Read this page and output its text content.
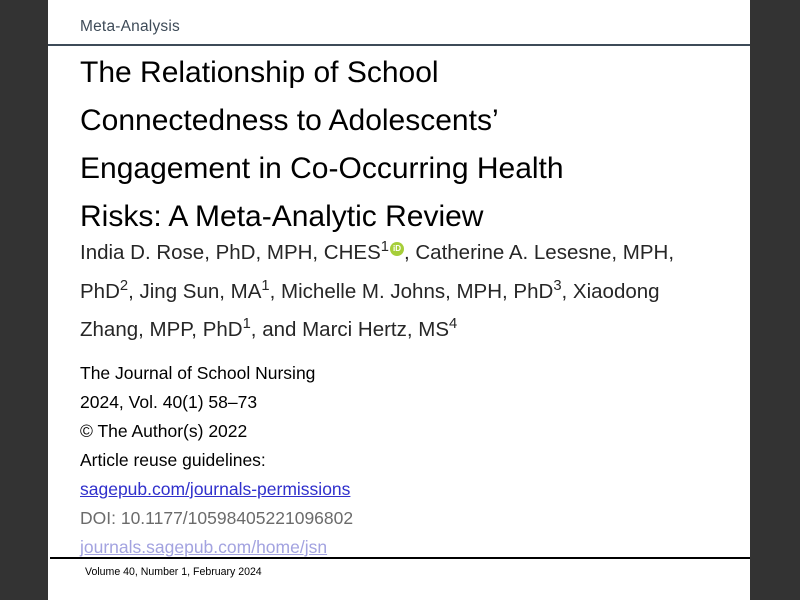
Meta-Analysis
The Relationship of School
Connectedness to Adolescents’
Engagement in Co-Occurring Health
Risks: A Meta-Analytic Review
India D. Rose, PhD, MPH, CHES$^1$ iD , Catherine A. Lesesne, MPH, PhD$^2$, Jing Sun, $MA^1$, Michelle M. Johns, MPH, PhD$^3$, Xiaodong Zhang, MPP, PhD$^1$, and Marci Hertz, $MS^4$
The Journal of School Nursing
2024, Vol. 40(1) 58–73
© The Author(s) 2022
Article reuse guidelines:
sagepub.com/journals-permissions
DOI: 10.1177/10598405221096802
journals.sagepub.com/home/jsn
Volume 40, Number 1, February 2024
